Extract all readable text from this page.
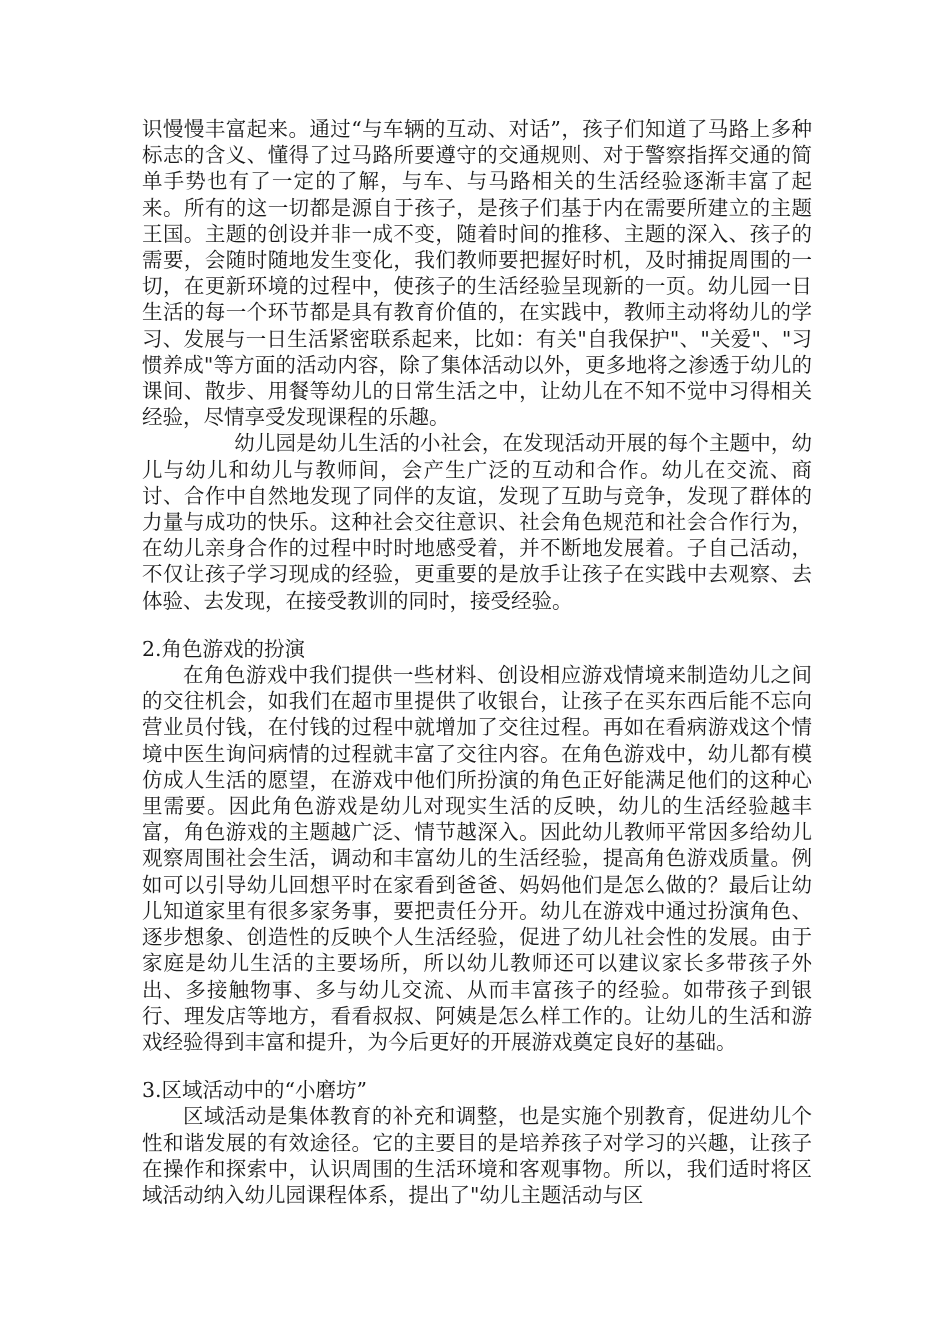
识慢慢丰富起来。通过“与车辆的互动、对话”，孩子们知道了马路上多种标志的含义、懂得了过马路所要遵守的交通规则、对于警察指挥交通的简单手势也有了一定的了解，与车、与马路相关的生活经验逐渐丰富了起来。所有的这一切都是源自于孩子，是孩子们基于内在需要所建立的主题王国。主题的创设并非一成不变，随着时间的推移、主题的深入、孩子的需要，会随时随地发生变化，我们教师要把握好时机，及时捕捉周围的一切，在更新环境的过程中，使孩子的生活经验呈现新的一页。幼儿园一日生活的每一个环节都是具有教育价值的，在实践中，教师主动将幼儿的学习、发展与一日生活紧密联系起来，比如：有关"自我保护"、"关爱"、"习惯养成"等方面的活动内容，除了集体活动以外，更多地将之渗透于幼儿的课间、散步、用餐等幼儿的日常生活之中，让幼儿在不知不觉中习得相关经验，尽情享受发现课程的乐趣。

幼儿园是幼儿生活的小社会，在发现活动开展的每个主题中，幼儿与幼儿和幼儿与教师间，会产生广泛的互动和合作。幼儿在交流、商讨、合作中自然地发现了同伴的友谊，发现了互助与竞争，发现了群体的力量与成功的快乐。这种社会交往意识、社会角色规范和社会合作行为，在幼儿亲身合作的过程中时时地感受着，并不断地发展着。子自己活动，不仅让孩子学习现成的经验，更重要的是放手让孩子在实践中去观察、去体验、去发现，在接受教训的同时，接受经验。

2.角色游戏的扮演

在角色游戏中我们提供一些材料、创设相应游戏情境来制造幼儿之间的交往机会，如我们在超市里提供了收银台，让孩子在买东西后能不忘向营业员付钱，在付钱的过程中就增加了交往过程。再如在看病游戏这个情境中医生询问病情的过程就丰富了交往内容。在角色游戏中，幼儿都有模仿成人生活的愿望，在游戏中他们所扮演的角色正好能满足他们的这种心里需要。因此角色游戏是幼儿对现实生活的反映，幼儿的生活经验越丰富，角色游戏的主题越广泛、情节越深入。因此幼儿教师平常因多给幼儿观察周围社会生活，调动和丰富幼儿的生活经验，提高角色游戏质量。例如可以引导幼儿回想平时在家看到爸爸、妈妈他们是怎么做的？最后让幼儿知道家里有很多家务事，要把责任分开。幼儿在游戏中通过扮演角色、逐步想象、创造性的反映个人生活经验，促进了幼儿社会性的发展。由于家庭是幼儿生活的主要场所，所以幼儿教师还可以建议家长多带孩子外出、多接触物事、多与幼儿交流、从而丰富孩子的经验。如带孩子到银行、理发店等地方，看看叔叔、阿姨是怎么样工作的。让幼儿的生活和游戏经验得到丰富和提升，为今后更好的开展游戏奠定良好的基础。

3.区域活动中的“小磨坊”

区域活动是集体教育的补充和调整，也是实施个别教育，促进幼儿个性和谐发展的有效途径。它的主要目的是培养孩子对学习的兴趣，让孩子在操作和探索中，认识周围的生活环境和客观事物。所以，我们适时将区域活动纳入幼儿园课程体系，提出了"幼儿主题活动与区
